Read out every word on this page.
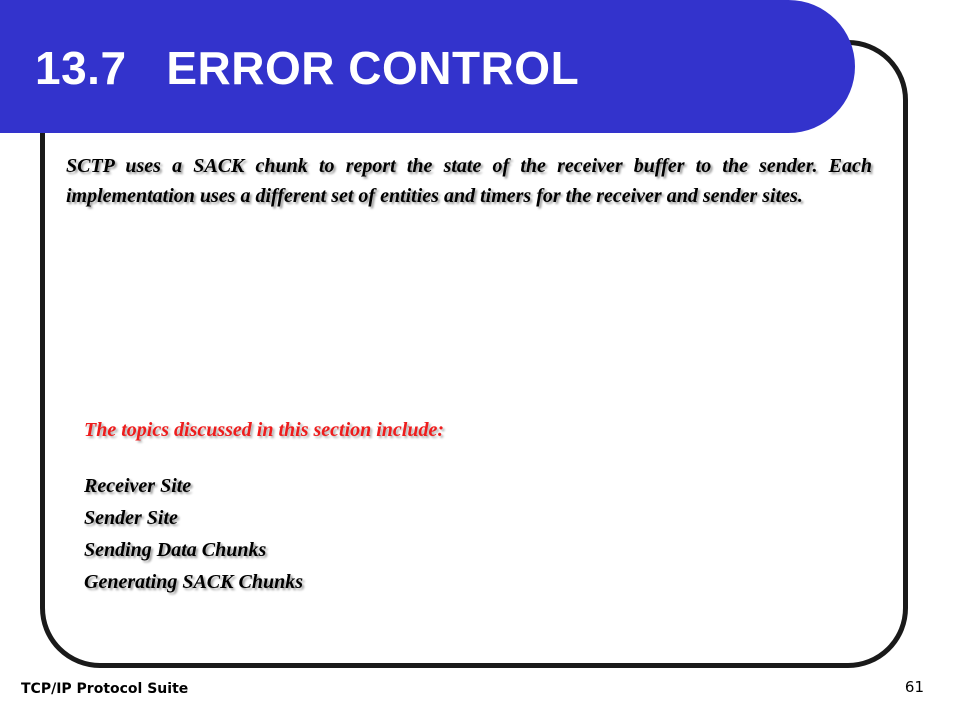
13.7   ERROR CONTROL

SCTP uses a SACK chunk to report the state of the receiver buffer to the sender. Each implementation uses a different set of entities and timers for the receiver and sender sites.

The topics discussed in this section include:

Receiver Site
Sender Site
Sending Data Chunks
Generating SACK Chunks
TCP/IP Protocol Suite	61
